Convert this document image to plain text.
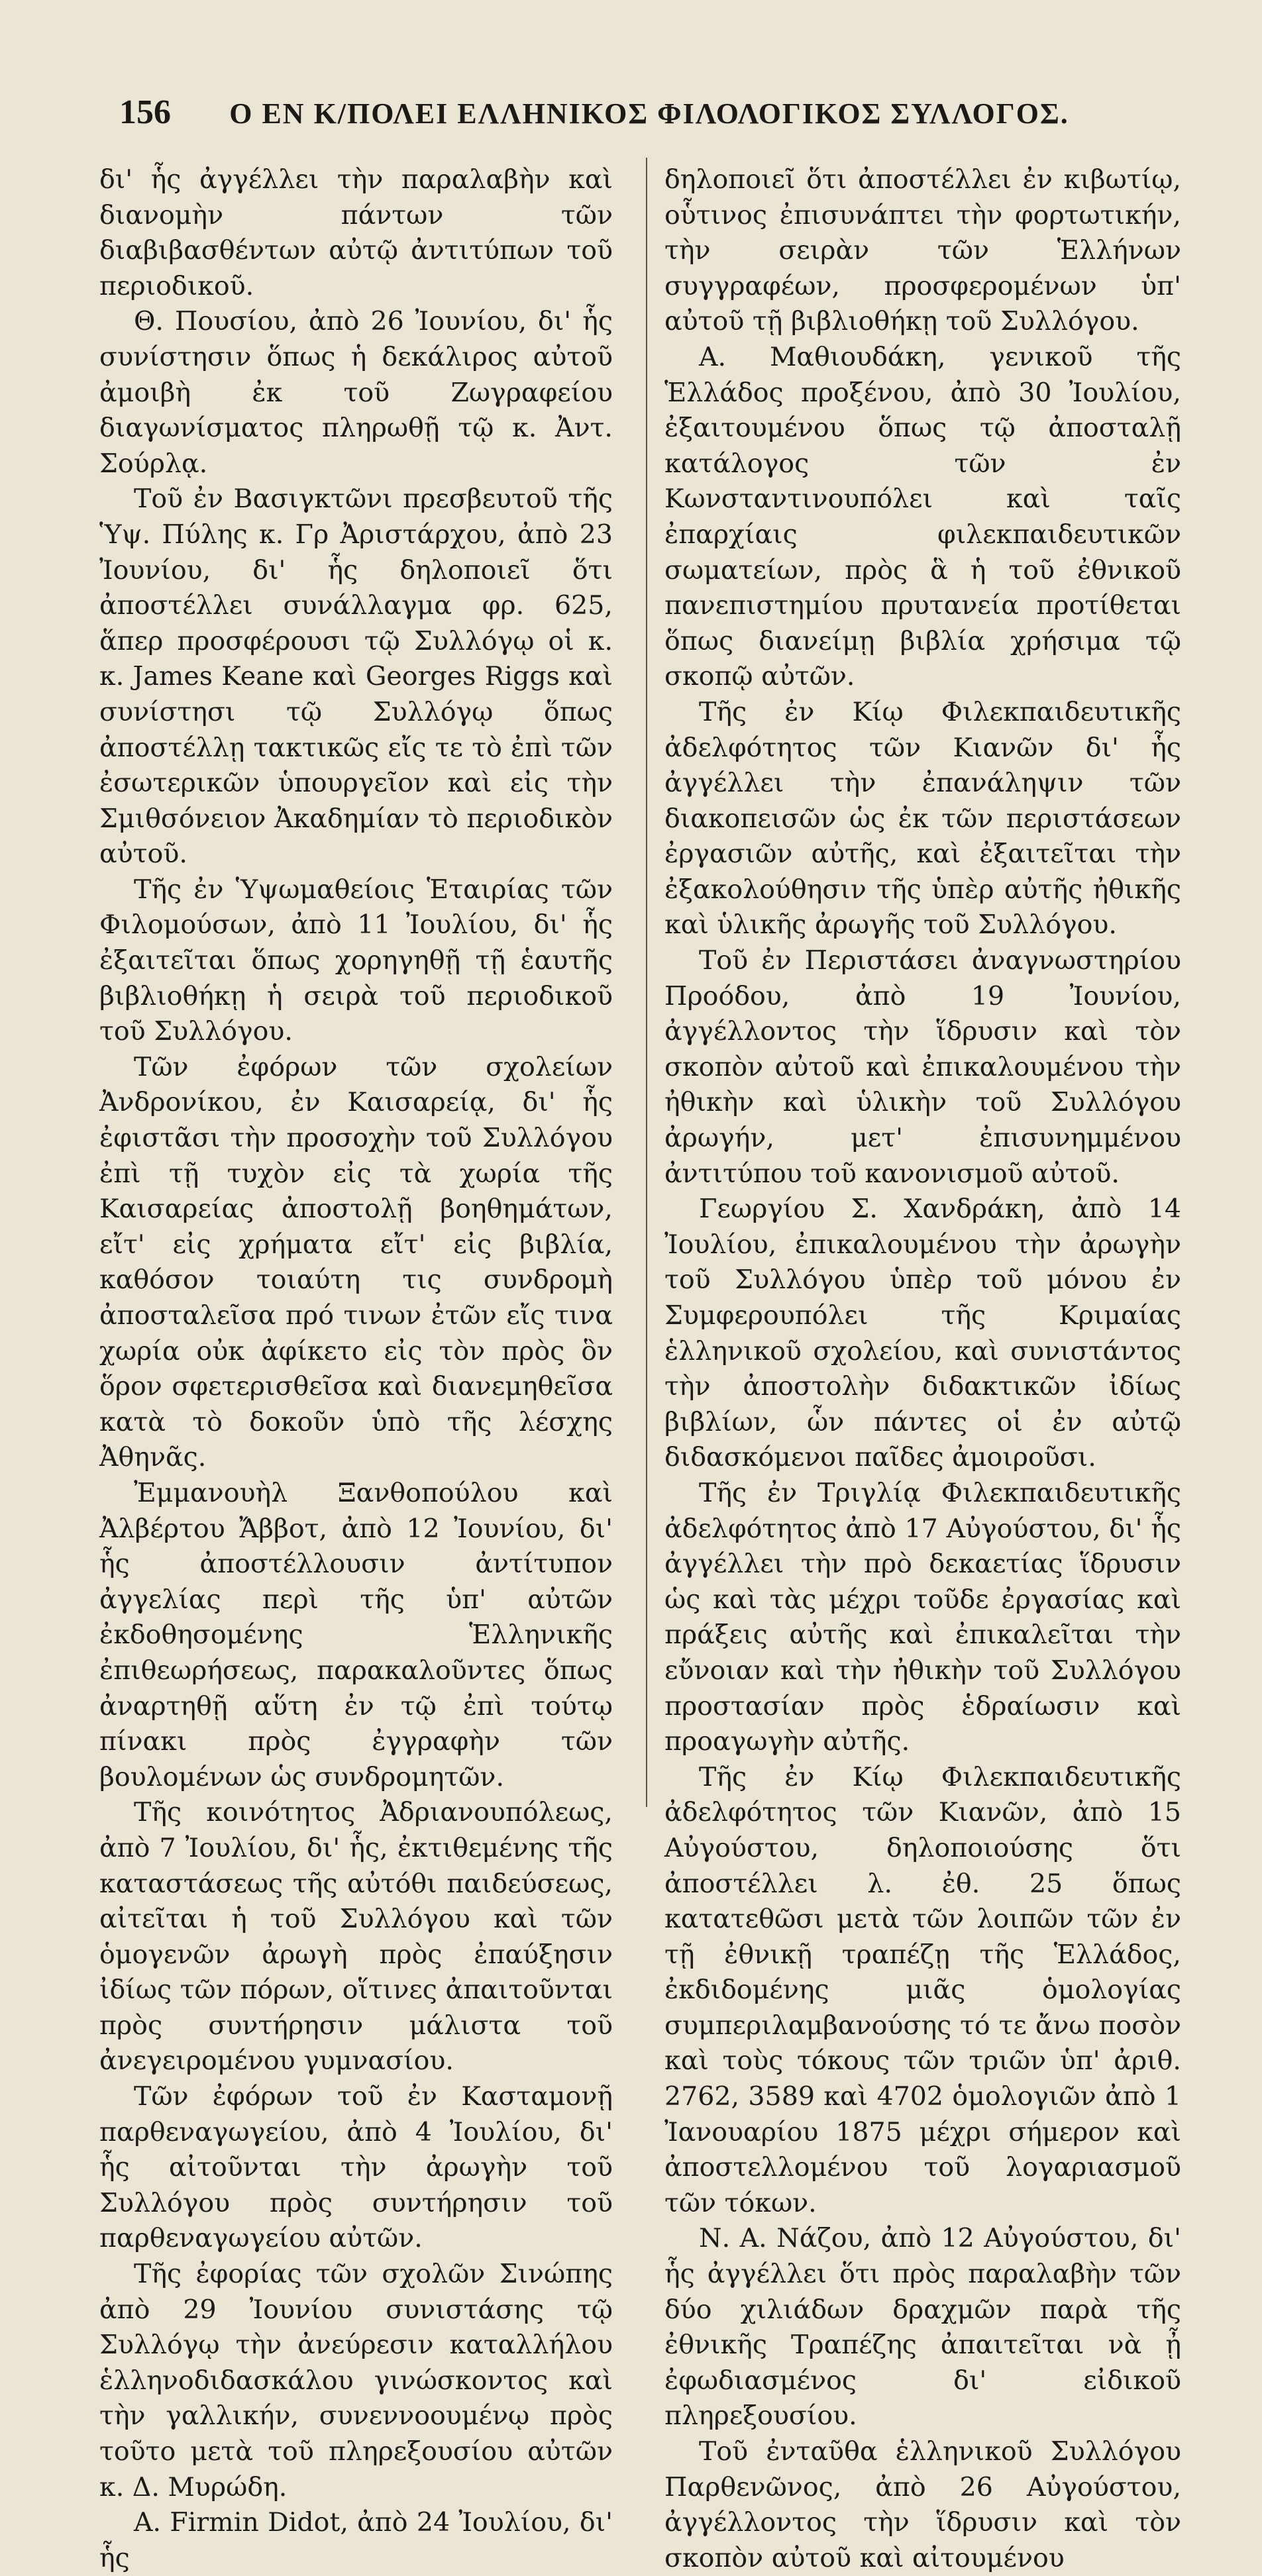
156	Ο ΕΝ Κ/ΠΟΛΕΙ ΕΛΛΗΝΙΚΟΣ ΦΙΛΟΛΟΓΙΚΟΣ ΣΥΛΛΟΓΟΣ.

δι' ἧς ἀγγέλλει τὴν παραλαβὴν καὶ διανομὴν πάντων τῶν διαβιβασθέντων αὐτῷ ἀντιτύπων τοῦ περιοδικοῦ.

Θ. Πουσίου, ἀπὸ 26 Ἰουνίου, δι' ἧς συνίστησιν ὅπως ἡ δεκάλιρος αὐτοῦ ἀμοιβὴ ἐκ τοῦ Ζωγραφείου διαγωνίσματος πληρωθῇ τῷ κ. Ἀντ. Σούρλᾳ.

Τοῦ ἐν Βασιγκτῶνι πρεσβευτοῦ τῆς Ὑψ. Πύλης κ. Γρ Ἀριστάρχου, ἀπὸ 23 Ἰουνίου, δι' ἧς δηλοποιεῖ ὅτι ἀποστέλλει συνάλλαγμα φρ. 625, ἅπερ προσφέρουσι τῷ Συλλόγῳ οἱ κ. κ. James Keane καὶ Georges Riggs καὶ συνίστησι τῷ Συλλόγῳ ὅπως ἀποστέλλῃ τακτικῶς εἴς τε τὸ ἐπὶ τῶν ἐσωτερικῶν ὑπουργεῖον καὶ εἰς τὴν Σμιθσόνειον Ἀκαδημίαν τὸ περιοδικὸν αὐτοῦ.

Τῆς ἐν Ὑψωμαθείοις Ἑταιρίας τῶν Φιλομούσων, ἀπὸ 11 Ἰουλίου, δι' ἧς ἐξαιτεῖται ὅπως χορηγηθῇ τῇ ἑαυτῆς βιβλιοθήκῃ ἡ σειρὰ τοῦ περιοδικοῦ τοῦ Συλλόγου.

Τῶν ἐφόρων τῶν σχολείων Ἀνδρονίκου, ἐν Καισαρείᾳ, δι' ἧς ἐφιστᾶσι τὴν προσοχὴν τοῦ Συλλόγου ἐπὶ τῇ τυχὸν εἰς τὰ χωρία τῆς Καισαρείας ἀποστολῇ βοηθημάτων, εἴτ' εἰς χρήματα εἴτ' εἰς βιβλία, καθόσον τοιαύτη τις συνδρομὴ ἀποσταλεῖσα πρό τινων ἐτῶν εἴς τινα χωρία οὐκ ἀφίκετο εἰς τὸν πρὸς ὃν ὅρον σφετερισθεῖσα καὶ διανεμηθεῖσα κατὰ τὸ δοκοῦν ὑπὸ τῆς λέσχης Ἀθηνᾶς.

Ἐμμανουὴλ Ξανθοπούλου καὶ Ἀλβέρτου Ἄββοτ, ἀπὸ 12 Ἰουνίου, δι' ἧς ἀποστέλλουσιν ἀντίτυπον ἀγγελίας περὶ τῆς ὑπ' αὐτῶν ἐκδοθησομένης Ἑλληνικῆς ἐπιθεωρήσεως, παρακαλοῦντες ὅπως ἀναρτηθῇ αὕτη ἐν τῷ ἐπὶ τούτῳ πίνακι πρὸς ἐγγραφὴν τῶν βουλομένων ὡς συνδρομητῶν.

Τῆς κοινότητος Ἀδριανουπόλεως, ἀπὸ 7 Ἰουλίου, δι' ἧς, ἐκτιθεμένης τῆς καταστάσεως τῆς αὐτόθι παιδεύσεως, αἰτεῖται ἡ τοῦ Συλλόγου καὶ τῶν ὁμογενῶν ἀρωγὴ πρὸς ἐπαύξησιν ἰδίως τῶν πόρων, οἵτινες ἀπαιτοῦνται πρὸς συντήρησιν μάλιστα τοῦ ἀνεγειρομένου γυμνασίου.

Τῶν ἐφόρων τοῦ ἐν Κασταμονῇ παρθεναγωγείου, ἀπὸ 4 Ἰουλίου, δι' ἧς αἰτοῦνται τὴν ἀρωγὴν τοῦ Συλλόγου πρὸς συντήρησιν τοῦ παρθεναγωγείου αὐτῶν.

Τῆς ἐφορίας τῶν σχολῶν Σινώπης ἀπὸ 29 Ἰουνίου συνιστάσης τῷ Συλλόγῳ τὴν ἀνεύρεσιν καταλλήλου ἑλληνοδιδασκάλου γινώσκοντος καὶ τὴν γαλλικήν, συνεννοουμένῳ πρὸς τοῦτο μετὰ τοῦ πληρεξουσίου αὐτῶν κ. Δ. Μυρώδη.

A. Firmin Didot, ἀπὸ 24 Ἰουλίου, δι' ἧς

δηλοποιεῖ ὅτι ἀποστέλλει ἐν κιβωτίῳ, οὗτινος ἐπισυνάπτει τὴν φορτωτικήν, τὴν σειρὰν τῶν Ἑλλήνων συγγραφέων, προσφερομένων ὑπ' αὐτοῦ τῇ βιβλιοθήκῃ τοῦ Συλλόγου.

Α. Μαθιουδάκη, γενικοῦ τῆς Ἑλλάδος προξένου, ἀπὸ 30 Ἰουλίου, ἐξαιτουμένου ὅπως τῷ ἀποσταλῇ κατάλογος τῶν ἐν Κωνσταντινουπόλει καὶ ταῖς ἐπαρχίαις φιλεκπαιδευτικῶν σωματείων, πρὸς ἃ ἡ τοῦ ἐθνικοῦ πανεπιστημίου πρυτανεία προτίθεται ὅπως διανείμῃ βιβλία χρήσιμα τῷ σκοπῷ αὐτῶν.

Τῆς ἐν Κίῳ Φιλεκπαιδευτικῆς ἀδελφότητος τῶν Κιανῶν δι' ἧς ἀγγέλλει τὴν ἐπανάληψιν τῶν διακοπεισῶν ὡς ἐκ τῶν περιστάσεων ἐργασιῶν αὐτῆς, καὶ ἐξαιτεῖται τὴν ἐξακολούθησιν τῆς ὑπὲρ αὐτῆς ἠθικῆς καὶ ὑλικῆς ἀρωγῆς τοῦ Συλλόγου.

Τοῦ ἐν Περιστάσει ἀναγνωστηρίου Προόδου, ἀπὸ 19 Ἰουνίου, ἀγγέλλοντος τὴν ἵδρυσιν καὶ τὸν σκοπὸν αὐτοῦ καὶ ἐπικαλουμένου τὴν ἠθικὴν καὶ ὑλικὴν τοῦ Συλλόγου ἀρωγήν, μετ' ἐπισυνημμένου ἀντιτύπου τοῦ κανονισμοῦ αὐτοῦ.

Γεωργίου Σ. Χανδράκη, ἀπὸ 14 Ἰουλίου, ἐπικαλουμένου τὴν ἀρωγὴν τοῦ Συλλόγου ὑπὲρ τοῦ μόνου ἐν Συμφερουπόλει τῆς Κριμαίας ἑλληνικοῦ σχολείου, καὶ συνιστάντος τὴν ἀποστολὴν διδακτικῶν ἰδίως βιβλίων, ὧν πάντες οἱ ἐν αὐτῷ διδασκόμενοι παῖδες ἀμοιροῦσι.

Τῆς ἐν Τριγλίᾳ Φιλεκπαιδευτικῆς ἀδελφότητος ἀπὸ 17 Αὐγούστου, δι' ἧς ἀγγέλλει τὴν πρὸ δεκαετίας ἵδρυσιν ὡς καὶ τὰς μέχρι τοῦδε ἐργασίας καὶ πράξεις αὐτῆς καὶ ἐπικαλεῖται τὴν εὔνοιαν καὶ τὴν ἠθικὴν τοῦ Συλλόγου προστασίαν πρὸς ἑδραίωσιν καὶ προαγωγὴν αὐτῆς.

Τῆς ἐν Κίῳ Φιλεκπαιδευτικῆς ἀδελφότητος τῶν Κιανῶν, ἀπὸ 15 Αὐγούστου, δηλοποιούσης ὅτι ἀποστέλλει λ. ἐθ. 25 ὅπως κατατεθῶσι μετὰ τῶν λοιπῶν τῶν ἐν τῇ ἐθνικῇ τραπέζῃ τῆς Ἑλλάδος, ἐκδιδομένης μιᾶς ὁμολογίας συμπεριλαμβανούσης τό τε ἄνω ποσὸν καὶ τοὺς τόκους τῶν τριῶν ὑπ' ἀριθ. 2762, 3589 καὶ 4702 ὁμολογιῶν ἀπὸ 1 Ἰανουαρίου 1875 μέχρι σήμερον καὶ ἀποστελλομένου τοῦ λογαριασμοῦ τῶν τόκων.

Ν. Α. Νάζου, ἀπὸ 12 Αὐγούστου, δι' ἧς ἀγγέλλει ὅτι πρὸς παραλαβὴν τῶν δύο χιλιάδων δραχμῶν παρὰ τῆς ἐθνικῆς Τραπέζης ἀπαιτεῖται νὰ ᾖ ἐφωδιασμένος δι' εἰδικοῦ πληρεξουσίου.

Τοῦ ἐνταῦθα ἑλληνικοῦ Συλλόγου Παρθενῶνος, ἀπὸ 26 Αὐγούστου, ἀγγέλλοντος τὴν ἵδρυσιν καὶ τὸν σκοπὸν αὐτοῦ καὶ αἰτουμένου
